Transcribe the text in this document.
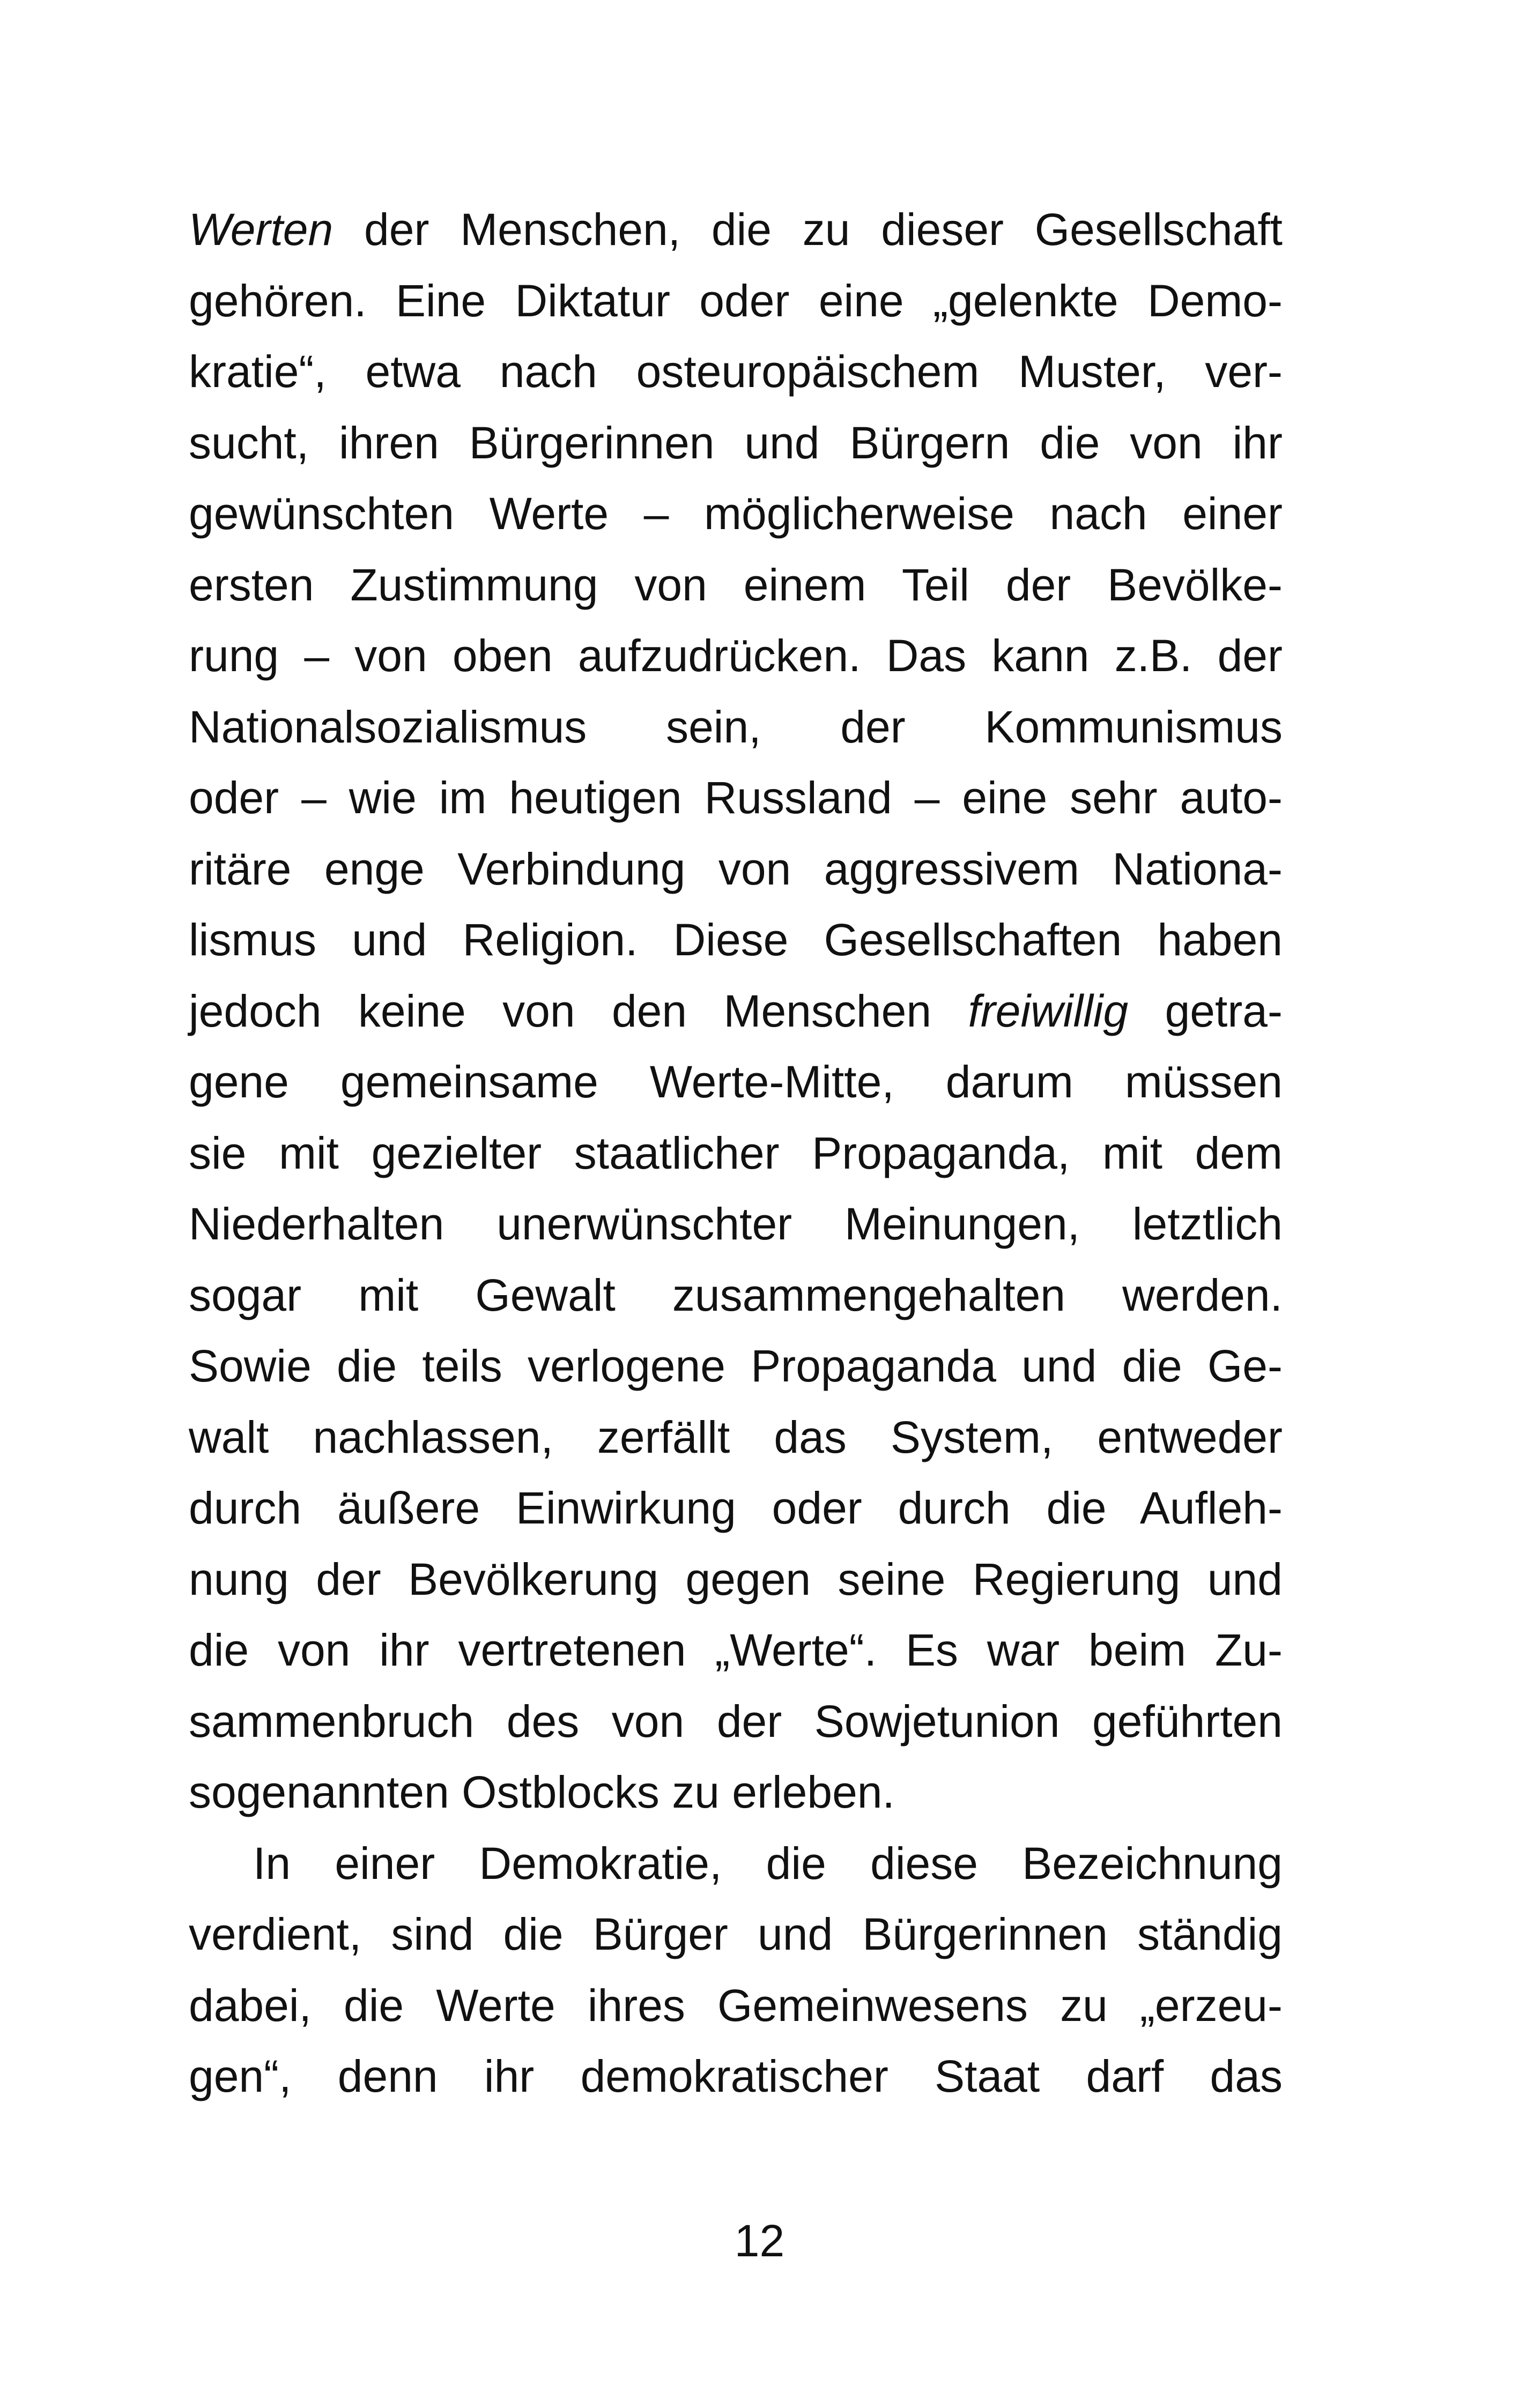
Werten der Menschen, die zu dieser Gesellschaft
gehören. Eine Diktatur oder eine „gelenkte Demo-
kratie“, etwa nach osteuropäischem Muster, ver-
sucht, ihren Bürgerinnen und Bürgern die von ihr
gewünschten Werte – möglicherweise nach einer
ersten Zustimmung von einem Teil der Bevölke-
rung – von oben aufzudrücken. Das kann z.B. der
Nationalsozialismus sein, der Kommunismus
oder – wie im heutigen Russland – eine sehr auto-
ritäre enge Verbindung von aggressivem Nationa-
lismus und Religion. Diese Gesellschaften haben
jedoch keine von den Menschen freiwillig getra-
gene gemeinsame Werte-Mitte, darum müssen
sie mit gezielter staatlicher Propaganda, mit dem
Niederhalten unerwünschter Meinungen, letztlich
sogar mit Gewalt zusammengehalten werden.
Sowie die teils verlogene Propaganda und die Ge-
walt nachlassen, zerfällt das System, entweder
durch äußere Einwirkung oder durch die Aufleh-
nung der Bevölkerung gegen seine Regierung und
die von ihr vertretenen „Werte“. Es war beim Zu-
sammenbruch des von der Sowjetunion geführten
sogenannten Ostblocks zu erleben.
In einer Demokratie, die diese Bezeichnung
verdient, sind die Bürger und Bürgerinnen ständig
dabei, die Werte ihres Gemeinwesens zu „erzeu-
gen“, denn ihr demokratischer Staat darf das
12
